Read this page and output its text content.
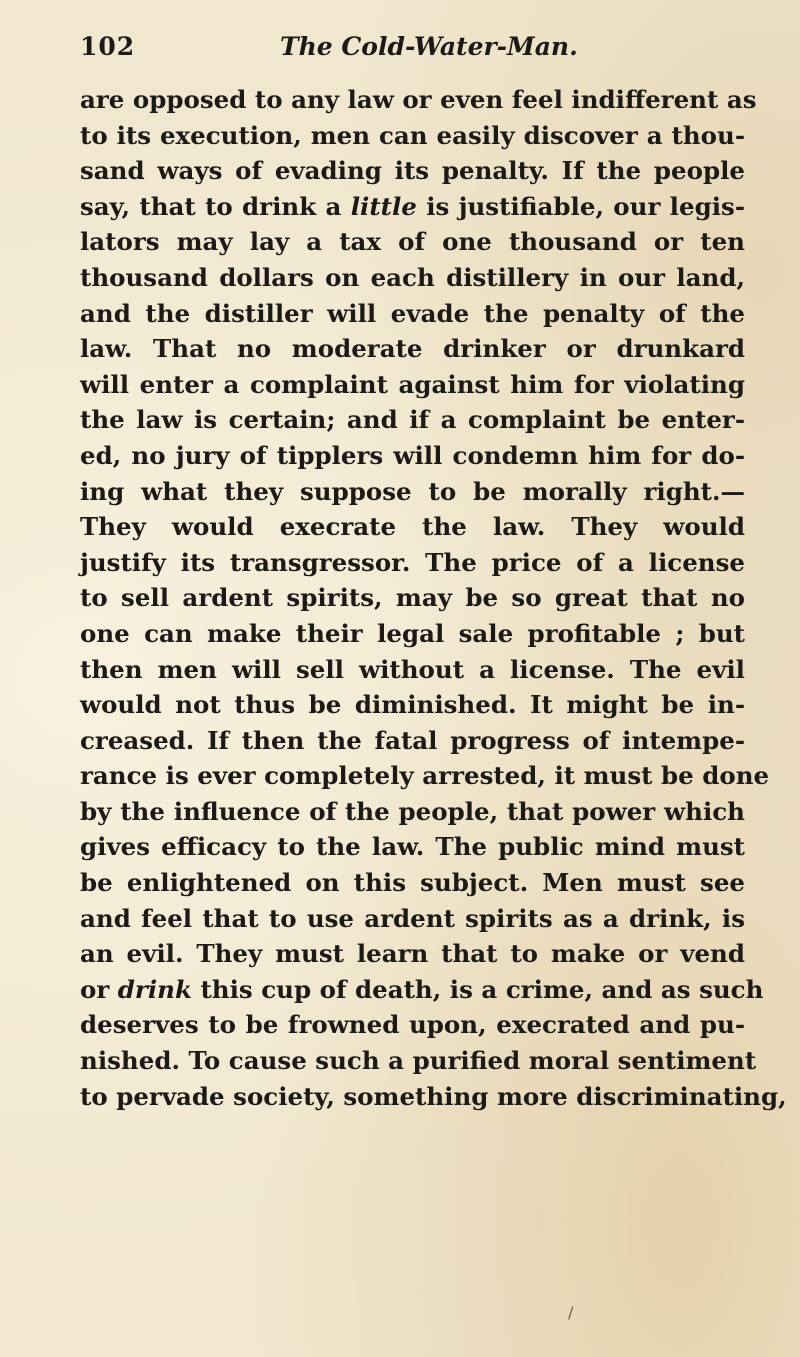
102	The Cold-Water-Man.
are opposed to any law or even feel indifferent as
to its execution, men can easily discover a thou-
sand ways of evading its penalty. If the people
say, that to drink a little is justifiable, our legis-
lators may lay a tax of one thousand or ten
thousand dollars on each distillery in our land,
and the distiller will evade the penalty of the
law. That no moderate drinker or drunkard
will enter a complaint against him for violating
the law is certain; and if a complaint be enter-
ed, no jury of tipplers will condemn him for do-
ing what they suppose to be morally right.—
They would execrate the law. They would
justify its transgressor. The price of a license
to sell ardent spirits, may be so great that no
one can make their legal sale profitable ; but
then men will sell without a license. The evil
would not thus be diminished. It might be in-
creased. If then the fatal progress of intempe-
rance is ever completely arrested, it must be done
by the influence of the people, that power which
gives efficacy to the law. The public mind must
be enlightened on this subject. Men must see
and feel that to use ardent spirits as a drink, is
an evil. They must learn that to make or vend
or drink this cup of death, is a crime, and as such
deserves to be frowned upon, execrated and pu-
nished. To cause such a purified moral sentiment
to pervade society, something more discriminating,
/
